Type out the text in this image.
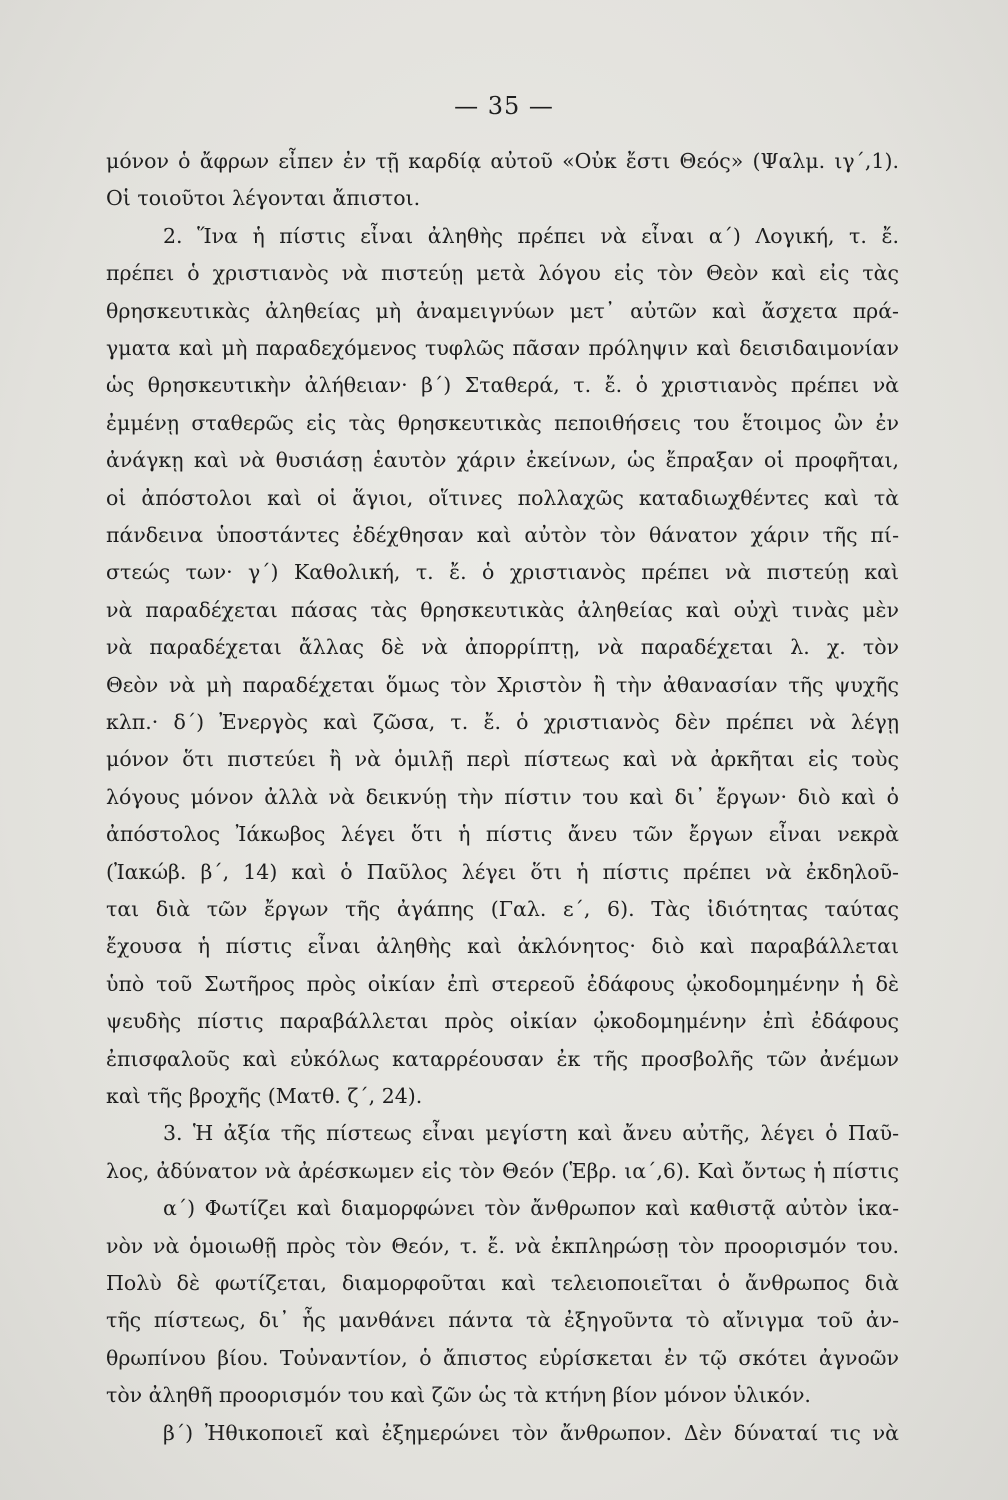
— 35 —
μόνον ὁ ἄφρων εἶπεν ἐν τῇ καρδίᾳ αὐτοῦ «Οὐκ ἔστι Θεός» (Ψαλμ. ιγ΄,1).
Οἱ τοιοῦτοι λέγονται ἄπιστοι.
2. Ἵνα ἡ πίστις εἶναι ἀληθὴς πρέπει νὰ εἶναι α΄) Λογική, τ. ἔ.
πρέπει ὁ χριστιανὸς νὰ πιστεύῃ μετὰ λόγου εἰς τὸν Θεὸν καὶ εἰς τὰς
θρησκευτικὰς ἀληθείας μὴ ἀναμειγνύων μετ᾽ αὐτῶν καὶ ἄσχετα πρά-
γματα καὶ μὴ παραδεχόμενος τυφλῶς πᾶσαν πρόληψιν καὶ δεισιδαιμονίαν
ὡς θρησκευτικὴν ἀλήθειαν· β΄) Σταθερά, τ. ἔ. ὁ χριστιανὸς πρέπει νὰ
ἐμμένῃ σταθερῶς εἰς τὰς θρησκευτικὰς πεποιθήσεις του ἕτοιμος ὢν ἐν
ἀνάγκῃ καὶ νὰ θυσιάσῃ ἑαυτὸν χάριν ἐκείνων, ὡς ἔπραξαν οἱ προφῆται,
οἱ ἀπόστολοι καὶ οἱ ἅγιοι, οἵτινες πολλαχῶς καταδιωχθέντες καὶ τὰ
πάνδεινα ὑποστάντες ἐδέχθησαν καὶ αὐτὸν τὸν θάνατον χάριν τῆς πί-
στεώς των· γ΄) Καθολική, τ. ἔ. ὁ χριστιανὸς πρέπει νὰ πιστεύῃ καὶ
νὰ παραδέχεται πάσας τὰς θρησκευτικὰς ἀληθείας καὶ οὐχὶ τινὰς μὲν
νὰ παραδέχεται ἄλλας δὲ νὰ ἀπορρίπτῃ, νὰ παραδέχεται λ. χ. τὸν
Θεὸν νὰ μὴ παραδέχεται ὅμως τὸν Χριστὸν ἢ τὴν ἀθανασίαν τῆς ψυχῆς
κλπ.· δ΄) Ἐνεργὸς καὶ ζῶσα, τ. ἔ. ὁ χριστιανὸς δὲν πρέπει νὰ λέγῃ
μόνον ὅτι πιστεύει ἢ νὰ ὁμιλῇ περὶ πίστεως καὶ νὰ ἀρκῆται εἰς τοὺς
λόγους μόνον ἀλλὰ νὰ δεικνύῃ τὴν πίστιν του καὶ δι᾽ ἔργων· διὸ καὶ ὁ
ἀπόστολος Ἰάκωβος λέγει ὅτι ἡ πίστις ἄνευ τῶν ἔργων εἶναι νεκρὰ
(Ἰακώβ. β΄, 14) καὶ ὁ Παῦλος λέγει ὅτι ἡ πίστις πρέπει νὰ ἐκδηλοῦ-
ται διὰ τῶν ἔργων τῆς ἀγάπης (Γαλ. ε΄, 6). Τὰς ἰδιότητας ταύτας
ἔχουσα ἡ πίστις εἶναι ἀληθὴς καὶ ἀκλόνητος· διὸ καὶ παραβάλλεται
ὑπὸ τοῦ Σωτῆρος πρὸς οἰκίαν ἐπὶ στερεοῦ ἐδάφους ᾠκοδομημένην ἡ δὲ
ψευδὴς πίστις παραβάλλεται πρὸς οἰκίαν ᾠκοδομημένην ἐπὶ ἐδάφους
ἐπισφαλοῦς καὶ εὐκόλως καταρρέουσαν ἐκ τῆς προσβολῆς τῶν ἀνέμων
καὶ τῆς βροχῆς (Ματθ. ζ΄, 24).
3. Ἡ ἀξία τῆς πίστεως εἶναι μεγίστη καὶ ἄνευ αὐτῆς, λέγει ὁ Παῦ-
λος, ἀδύνατον νὰ ἀρέσκωμεν εἰς τὸν Θεόν (Ἑβρ. ια΄,6). Καὶ ὄντως ἡ πίστις
α΄) Φωτίζει καὶ διαμορφώνει τὸν ἄνθρωπον καὶ καθιστᾷ αὐτὸν ἱκα-
νὸν νὰ ὁμοιωθῇ πρὸς τὸν Θεόν, τ. ἔ. νὰ ἐκπληρώσῃ τὸν προορισμόν του.
Πολὺ δὲ φωτίζεται, διαμορφοῦται καὶ τελειοποιεῖται ὁ ἄνθρωπος διὰ
τῆς πίστεως, δι᾽ ἧς μανθάνει πάντα τὰ ἐξηγοῦντα τὸ αἴνιγμα τοῦ ἀν-
θρωπίνου βίου. Τοὐναντίον, ὁ ἄπιστος εὑρίσκεται ἐν τῷ σκότει ἀγνοῶν
τὸν ἀληθῆ προορισμόν του καὶ ζῶν ὡς τὰ κτήνη βίον μόνον ὑλικόν.
β΄) Ἠθικοποιεῖ καὶ ἐξημερώνει τὸν ἄνθρωπον. Δὲν δύναταί τις νὰ
